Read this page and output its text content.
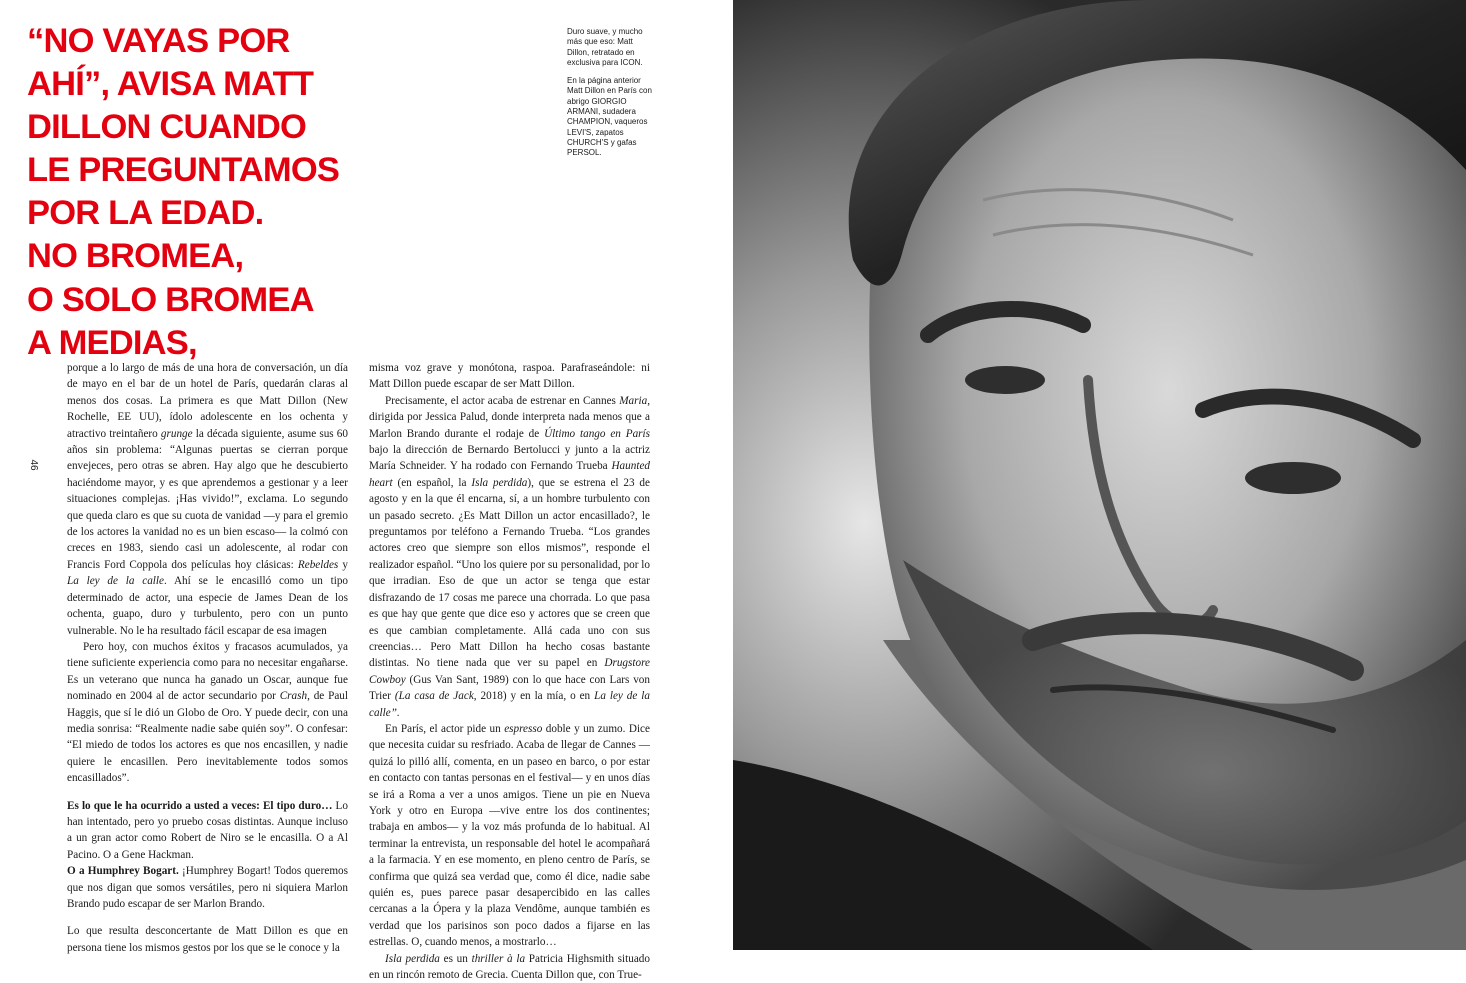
“NO VAYAS POR
AHÍ”, AVISA MATT
DILLON CUANDO
LE PREGUNTAMOS
POR LA EDAD.
NO BROMEA,
O SOLO BROMEA
A MEDIAS,

Duro suave, y mucho más que eso: Matt Dillon, retratado en exclusiva para ICON.

En la página anterior Matt Dillon en París con abrigo GIORGIO ARMANI, sudadera CHAMPION, vaqueros LEVI'S, zapatos CHURCH'S y gafas PERSOL.

46

porque a lo largo de más de una hora de conversación, un día de mayo en el bar de un hotel de París, quedarán claras al menos dos cosas. La primera es que Matt Dillon (New Rochelle, EE UU), ídolo adolescente en los ochenta y atractivo treintañero grunge la década siguiente, asume sus 60 años sin problema: “Algunas puertas se cierran porque envejeces, pero otras se abren. Hay algo que he descubierto haciéndome mayor, y es que aprendemos a gestionar y a leer situaciones complejas. ¡Has vivido!”, exclama. Lo segundo que queda claro es que su cuota de vanidad —y para el gremio de los actores la vanidad no es un bien escaso— la colmó con creces en 1983, siendo casi un adolescente, al rodar con Francis Ford Coppola dos películas hoy clásicas: Rebeldes y La ley de la calle. Ahí se le encasilló como un tipo determinado de actor, una especie de James Dean de los ochenta, guapo, duro y turbulento, pero con un punto vulnerable. No le ha resultado fácil escapar de esa imagen

Pero hoy, con muchos éxitos y fracasos acumulados, ya tiene suficiente experiencia como para no necesitar engañarse. Es un veterano que nunca ha ganado un Oscar, aunque fue nominado en 2004 al de actor secundario por Crash, de Paul Haggis, que sí le dió un Globo de Oro. Y puede decir, con una media sonrisa: “Realmente nadie sabe quién soy”. O confesar: “El miedo de todos los actores es que nos encasillen, y nadie quiere le encasillen. Pero inevitablemente todos somos encasillados”.

Es lo que le ha ocurrido a usted a veces: El tipo duro… Lo han intentado, pero yo pruebo cosas distintas. Aunque incluso a un gran actor como Robert de Niro se le encasilla. O a Al Pacino. O a Gene Hackman.

O a Humphrey Bogart. ¡Humphrey Bogart! Todos queremos que nos digan que somos versátiles, pero ni siquiera Marlon Brando pudo escapar de ser Marlon Brando.

Lo que resulta desconcertante de Matt Dillon es que en persona tiene los mismos gestos por los que se le conoce y la

misma voz grave y monótona, raspoa. Parafraseándole: ni Matt Dillon puede escapar de ser Matt Dillon.

Precisamente, el actor acaba de estrenar en Cannes Maria, dirigida por Jessica Palud, donde interpreta nada menos que a Marlon Brando durante el rodaje de Último tango en París bajo la dirección de Bernardo Bertolucci y junto a la actriz María Schneider. Y ha rodado con Fernando Trueba Haunted heart (en español, la Isla perdida), que se estrena el 23 de agosto y en la que él encarna, sí, a un hombre turbulento con un pasado secreto. ¿Es Matt Dillon un actor encasillado?, le preguntamos por teléfono a Fernando Trueba. “Los grandes actores creo que siempre son ellos mismos”, responde el realizador español. “Uno los quiere por su personalidad, por lo que irradian. Eso de que un actor se tenga que estar disfrazando de 17 cosas me parece una chorrada. Lo que pasa es que hay que gente que dice eso y actores que se creen que es que cambian completamente. Allá cada uno con sus creencias… Pero Matt Dillon ha hecho cosas bastante distintas. No tiene nada que ver su papel en Drugstore Cowboy (Gus Van Sant, 1989) con lo que hace con Lars von Trier (La casa de Jack, 2018) y en la mía, o en La ley de la calle”.

En París, el actor pide un espresso doble y un zumo. Dice que necesita cuidar su resfriado. Acaba de llegar de Cannes —quizá lo pilló allí, comenta, en un paseo en barco, o por estar en contacto con tantas personas en el festival— y en unos días se irá a Roma a ver a unos amigos. Tiene un pie en Nueva York y otro en Europa —vive entre los dos continentes; trabaja en ambos— y la voz más profunda de lo habitual. Al terminar la entrevista, un responsable del hotel le acompañará a la farmacia. Y en ese momento, en pleno centro de París, se confirma que quizá sea verdad que, como él dice, nadie sabe quién es, pues parece pasar desapercibido en las calles cercanas a la Ópera y la plaza Vendôme, aunque también es verdad que los parisinos son poco dados a fijarse en las estrellas. O, cuando menos, a mostrarlo…

Isla perdida es un thriller à la Patricia Highsmith situado en un rincón remoto de Grecia. Cuenta Dillon que, con True-
